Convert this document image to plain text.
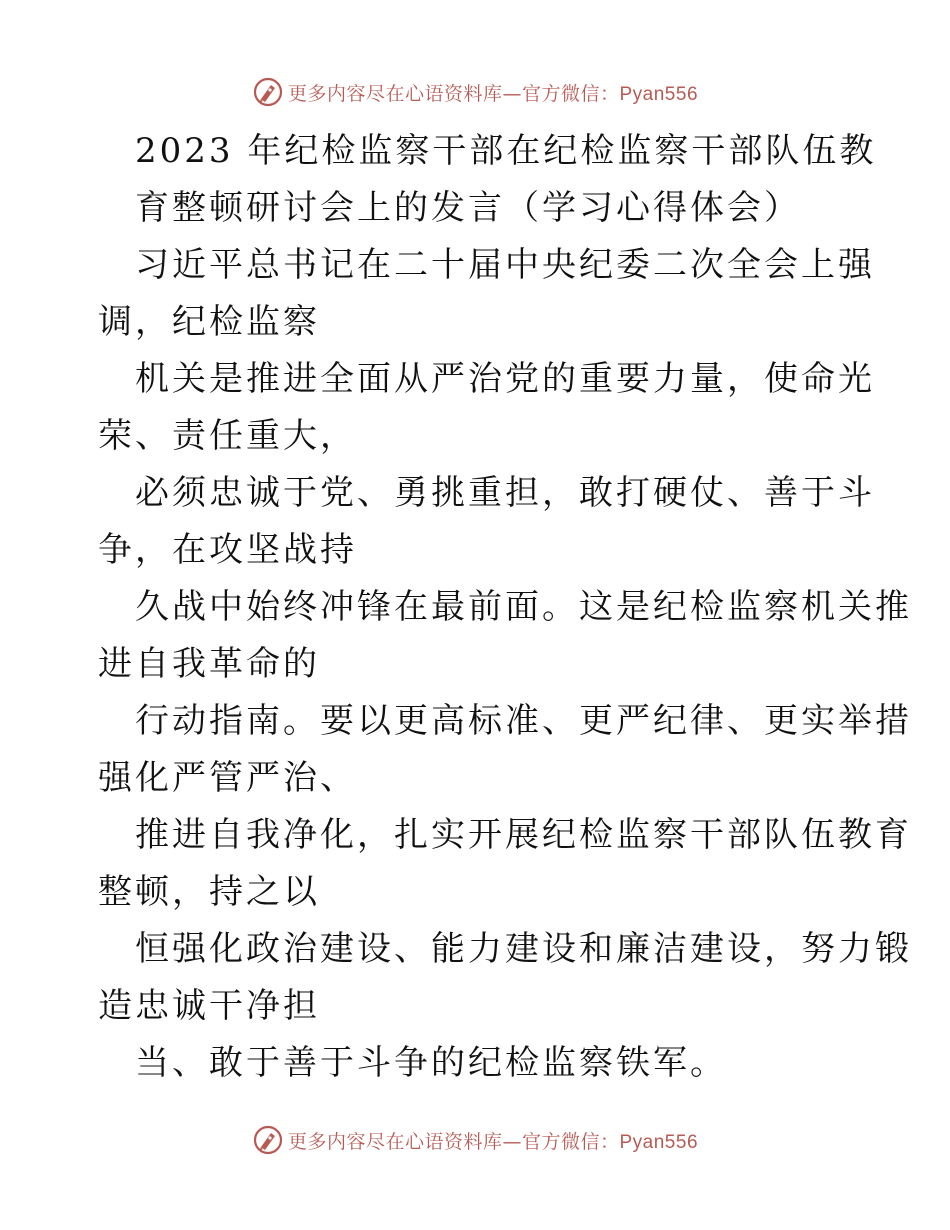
更多内容尽在心语资料库—官方微信：Pyan556
2023 年纪检监察干部在纪检监察干部队伍教
育整顿研讨会上的发言（学习心得体会）
习近平总书记在二十届中央纪委二次全会上强
调，纪检监察
机关是推进全面从严治党的重要力量，使命光
荣、责任重大，
必须忠诚于党、勇挑重担，敢打硬仗、善于斗
争，在攻坚战持
久战中始终冲锋在最前面。这是纪检监察机关推
进自我革命的
行动指南。要以更高标准、更严纪律、更实举措
强化严管严治、
推进自我净化，扎实开展纪检监察干部队伍教育
整顿，持之以
恒强化政治建设、能力建设和廉洁建设，努力锻
造忠诚干净担
当、敢于善于斗争的纪检监察铁军。
更多内容尽在心语资料库—官方微信：Pyan556
